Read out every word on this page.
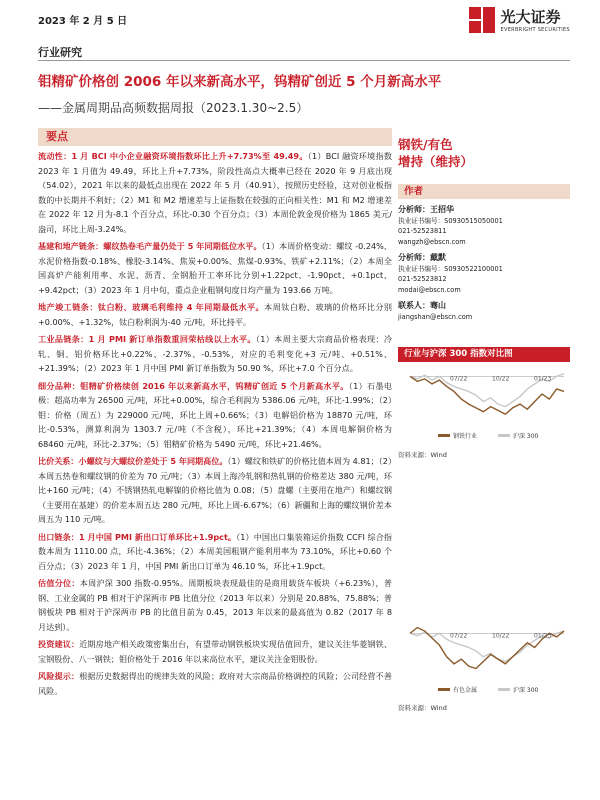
2023 年 2 月 5 日	光大证券
EVERBRIGHT SECURITIES
行业研究
钼精矿价格创 2006 年以来新高水平，钨精矿创近 5 个月新高水平
——金属周期品高频数据周报（2023.1.30~2.5）
要点
流动性：1 月 BCI 中小企业融资环境指数环比上升+7.73%至 49.49。（1）BCI 融资环境指数 2023 年 1 月值为 49.49，环比上升+7.73%，阶段性高点大概率已经在 2020 年 9 月底出现（54.02），2021 年以来的最低点出现在 2022 年 5 月（40.91），按照历史经验，这对创业板指数的中长期并不利好；（2）M1 和 M2 增速差与上证指数在较强的正向相关性：M1 和 M2 增速差在 2022 年 12 月为-8.1 个百分点，环比-0.30 个百分点；（3）本周伦敦金现价格为 1865 美元/盎司，环比上周-3.24%。
基建和地产链条：螺纹热卷毛产量仍处于 5 年同期低位水平。（1）本周价格变动：螺纹 -0.24%、水泥价格指数-0.18%、橡胶-3.14%、焦炭+0.00%、焦煤-0.93%、铁矿+2.11%；（2）本周全国高炉产能利用率、水泥、沥青、全钢胎开工率环比分别+1.22pct、-1.90pct、+0.1pct、+9.42pct；（3）2023 年 1 月中旬，重点企业粗钢旬度日均产量为 193.66 万吨。
地产竣工链条：钛白粉、玻璃毛利维持 4 年同期最低水平。本周钛白粉、玻璃的价格环比分别+0.00%、+1.32%，钛白粉利润为-40 元/吨，环比持平。
工业品链条：1 月 PMI 新订单指数重回荣枯线以上水平。（1）本周主要大宗商品价格表现：冷轧、铜、铝价格环比+0.22%、-2.37%、-0.53%，对应的毛利变化+3 元/吨、+0.51%、+21.39%；（2）2023 年 1 月中国 PMI 新订单指数为 50.90 %，环比+7.0 个百分点。
细分品种：钼精矿价格续创 2016 年以来新高水平，钨精矿创近 5 个月新高水平。（1）石墨电极：超高功率为 26500 元/吨，环比+0.00%，综合毛利润为 5386.06 元/吨，环比-1.99%；（2）钼：价格（周五）为 229000 元/吨，环比上周+0.66%；（3）电解铝价格为 18870 元/吨，环比-0.53%，测算利润为 1303.7 元/吨（不含税），环比+21.39%；（4）本周电解铜价格为 68460 元/吨，环比-2.37%；（5）钼精矿价格为 5490 元/吨，环比+21.46%。
比价关系：小螺纹与大螺纹价差处于 5 年同期高位。（1）螺纹和铁矿的价格比值本周为 4.81；（2）本周五热卷和螺纹钢的价差为 70 元/吨；（3）本周上海冷轧钢和热轧钢的价格差达 380 元/吨，环比+160 元/吨；（4）不锈钢热轧电解镍的价格比值为 0.08；（5）盘螺（主要用在地产）和螺纹钢（主要用在基建）的价差本周五达 280 元/吨，环比上周-6.67%；（6）新疆和上海的螺纹钢价差本周五为 110 元/吨。
出口链条：1 月中国 PMI 新出口订单环比+1.9pct。（1）中国出口集装箱运价指数 CCFI 综合指数本周为 1110.00 点，环比-4.36%；（2）本周美国粗钢产能利用率为 73.10%，环比+0.60 个百分点；（3）2023 年 1 月，中国 PMI 新出口订单为 46.10 %，环比+1.9pct。
估值分位：本周沪深 300 指数-0.95%。周期板块表现最佳的是商用载货车板块（+6.23%），普钢、工业金属的 PB 相对于沪深两市 PB 比值分位（2013 年以来）分别是 20.88%、75.88%；普钢板块 PB 相对于沪深两市 PB 的比值目前为 0.45，2013 年以来的最高值为 0.82（2017 年 8 月达到）。
投资建议：近期房地产相关政策密集出台，有望带动钢铁板块实现估值回升，建议关注华菱钢铁、宝钢股份、八一钢铁；钼价格处于 2016 年以来高位水平，建议关注金钼股份。
风险提示：根据历史数据得出的规律失效的风险；政府对大宗商品价格调控的风险；公司经营不善风险。
钢铁/有色
增持（维持）
作者
分析师：王招华
执业证书编号：S0930515050001
021-52523811
wangzh@ebscn.com
分析师：戴默
执业证书编号：S0930522100001
021-52523812
modai@ebscn.com
联系人：骞山
jiangshan@ebscn.com
行业与沪深 300 指数对比图
07/22	10/22	01/23
钢铁行业	沪深 300
资料来源：Wind
07/22	10/22	01/23
有色金属	沪深 300
资料来源：Wind
